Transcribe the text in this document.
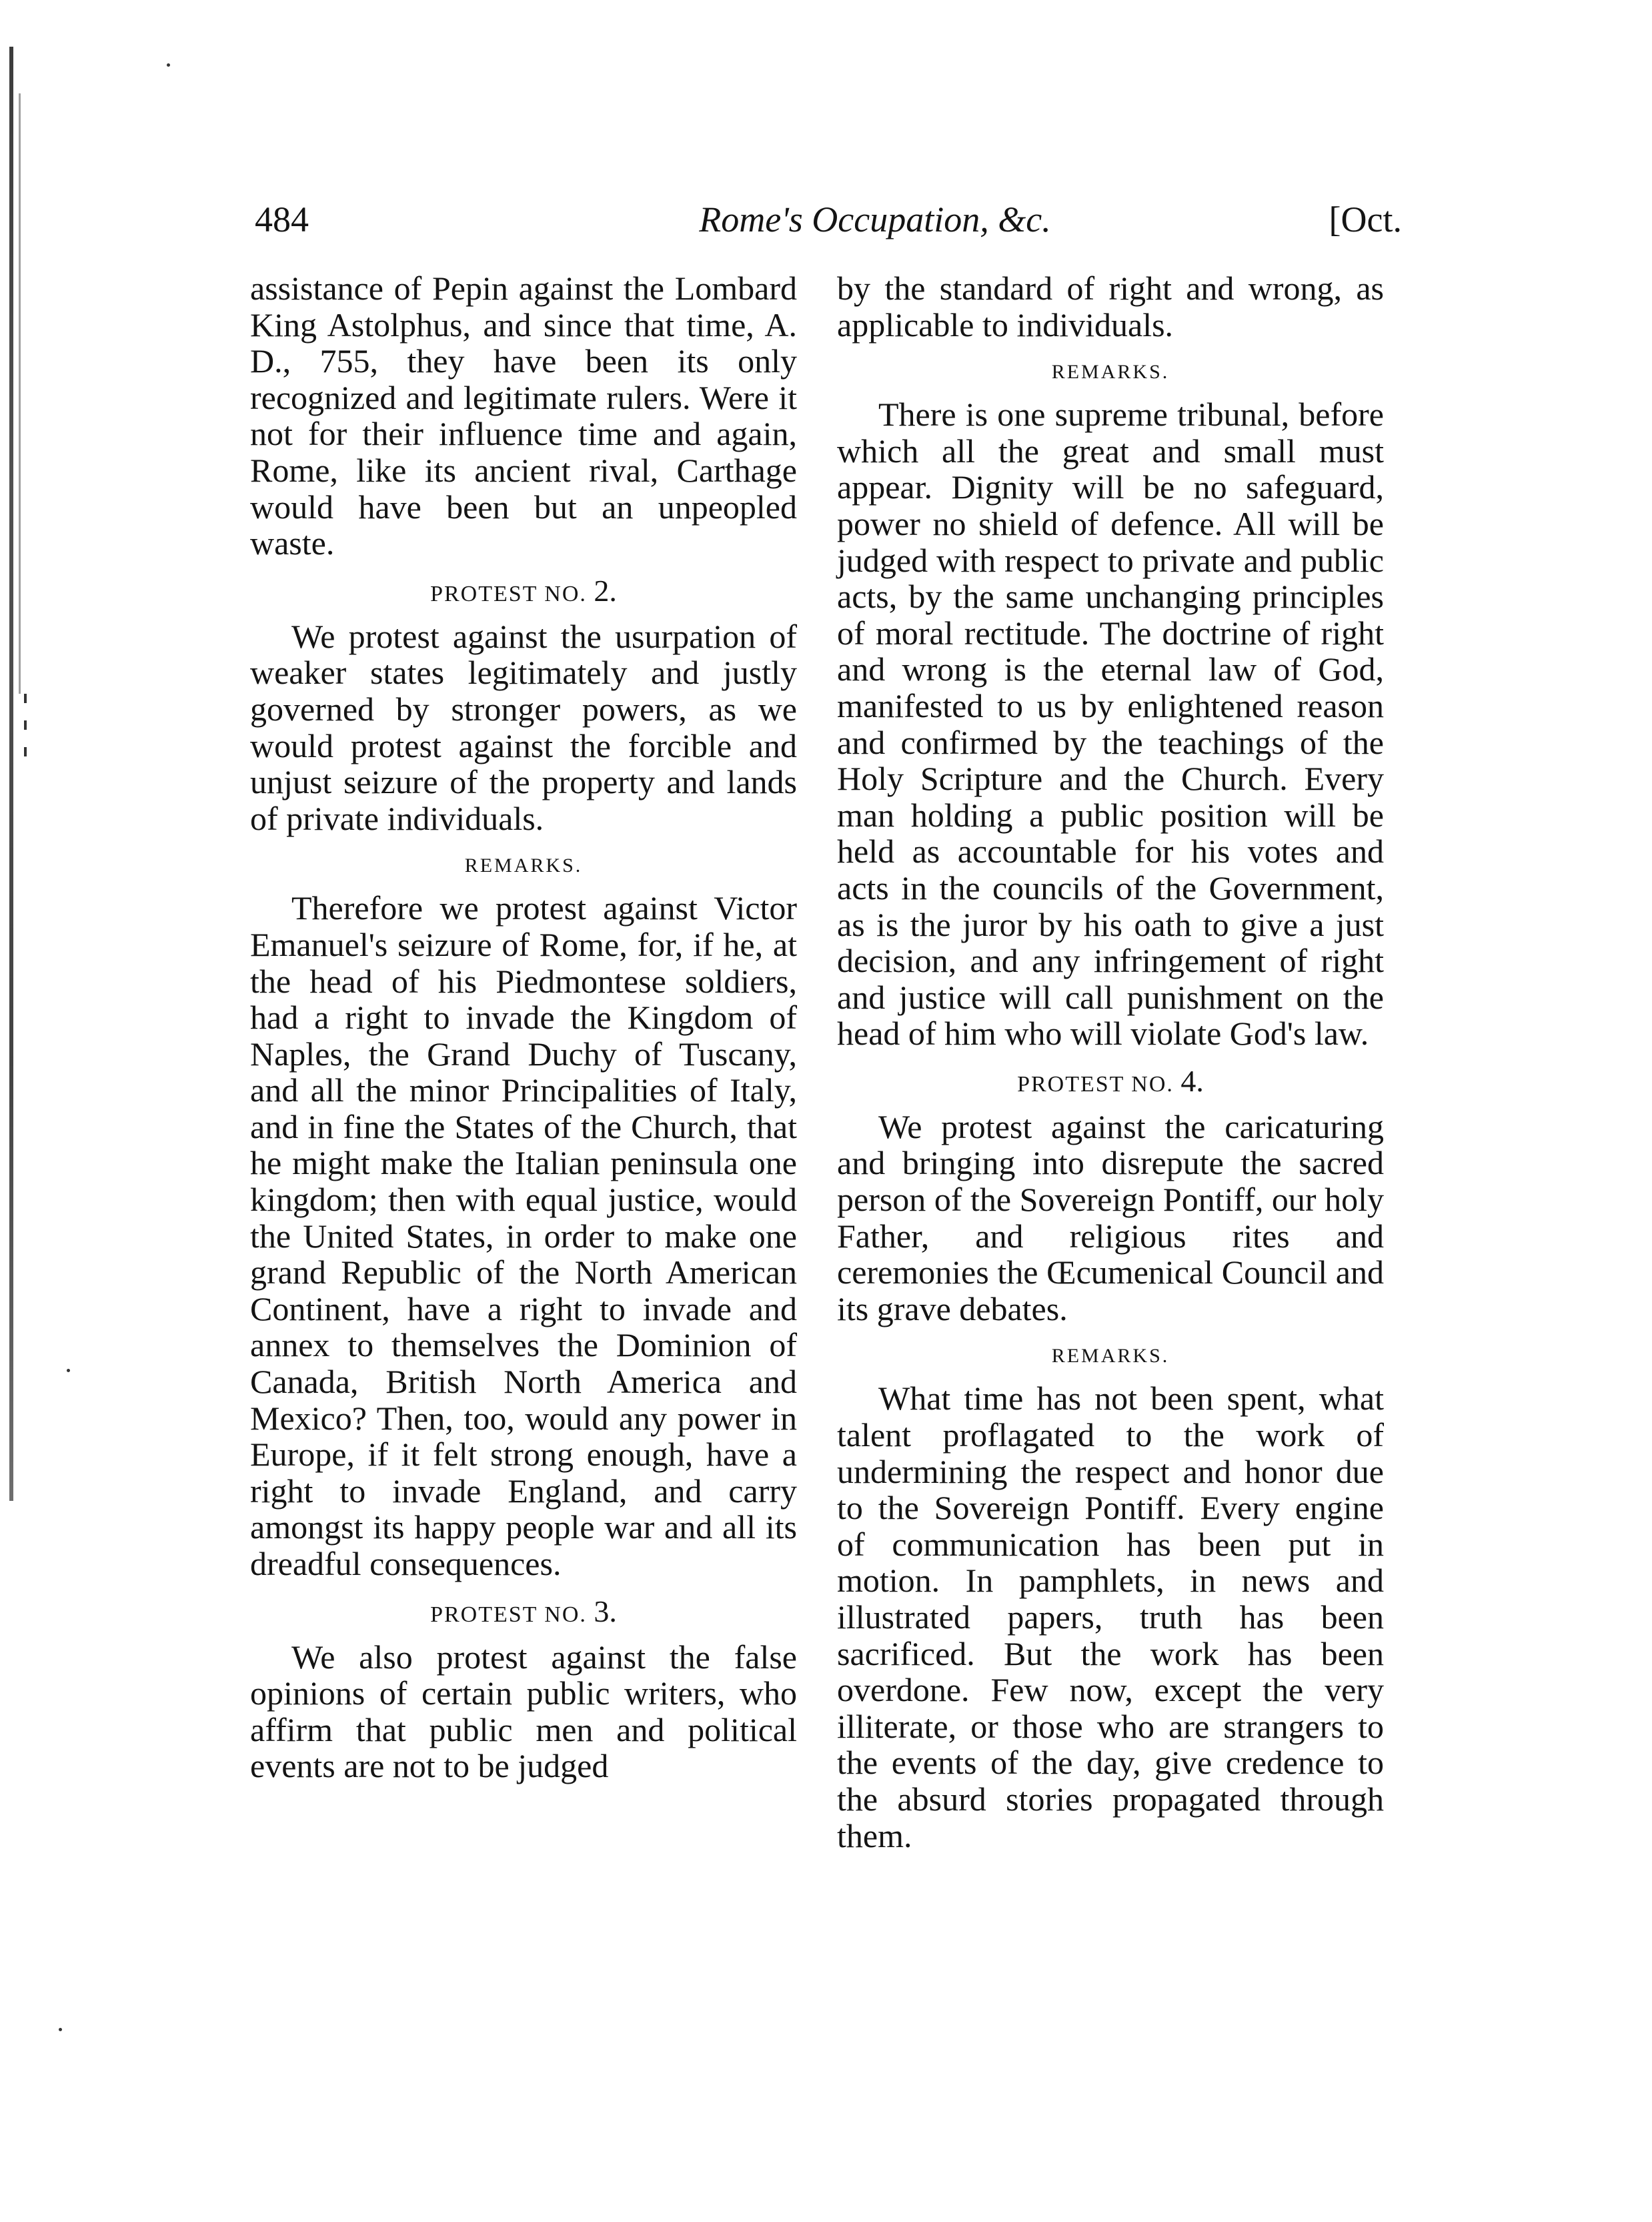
484	Rome's Occupation, &c.	[Oct.

assistance of Pepin against the Lombard King Astolphus, and since that time, A. D., 755, they have been its only recognized and legitimate rulers. Were it not for their influence time and again, Rome, like its ancient rival, Carthage would have been but an unpeopled waste.

PROTEST NO. 2.

We protest against the usurpation of weaker states legitimately and justly governed by stronger powers, as we would protest against the forcible and unjust seizure of the property and lands of private individuals.

REMARKS.

Therefore we protest against Victor Emanuel's seizure of Rome, for, if he, at the head of his Piedmontese soldiers, had a right to invade the Kingdom of Naples, the Grand Duchy of Tuscany, and all the minor Principalities of Italy, and in fine the States of the Church, that he might make the Italian peninsula one kingdom; then with equal justice, would the United States, in order to make one grand Republic of the North American Continent, have a right to invade and annex to themselves the Dominion of Canada, British North America and Mexico? Then, too, would any power in Europe, if it felt strong enough, have a right to invade England, and carry amongst its happy people war and all its dreadful consequences.

PROTEST NO. 3.

We also protest against the false opinions of certain public writers, who affirm that public men and political events are not to be judged

by the standard of right and wrong, as applicable to individuals.

REMARKS.

There is one supreme tribunal, before which all the great and small must appear. Dignity will be no safeguard, power no shield of defence. All will be judged with respect to private and public acts, by the same unchanging principles of moral rectitude. The doctrine of right and wrong is the eternal law of God, manifested to us by enlightened reason and confirmed by the teachings of the Holy Scripture and the Church. Every man holding a public position will be held as accountable for his votes and acts in the councils of the Government, as is the juror by his oath to give a just decision, and any infringement of right and justice will call punishment on the head of him who will violate God's law.

PROTEST NO. 4.

We protest against the caricaturing and bringing into disrepute the sacred person of the Sovereign Pontiff, our holy Father, and religious rites and ceremonies the Œcumenical Council and its grave debates.

REMARKS.

What time has not been spent, what talent proflagated to the work of undermining the respect and honor due to the Sovereign Pontiff. Every engine of communication has been put in motion. In pamphlets, in news and illustrated papers, truth has been sacrificed. But the work has been overdone. Few now, except the very illiterate, or those who are strangers to the events of the day, give credence to the absurd stories propagated through them.
